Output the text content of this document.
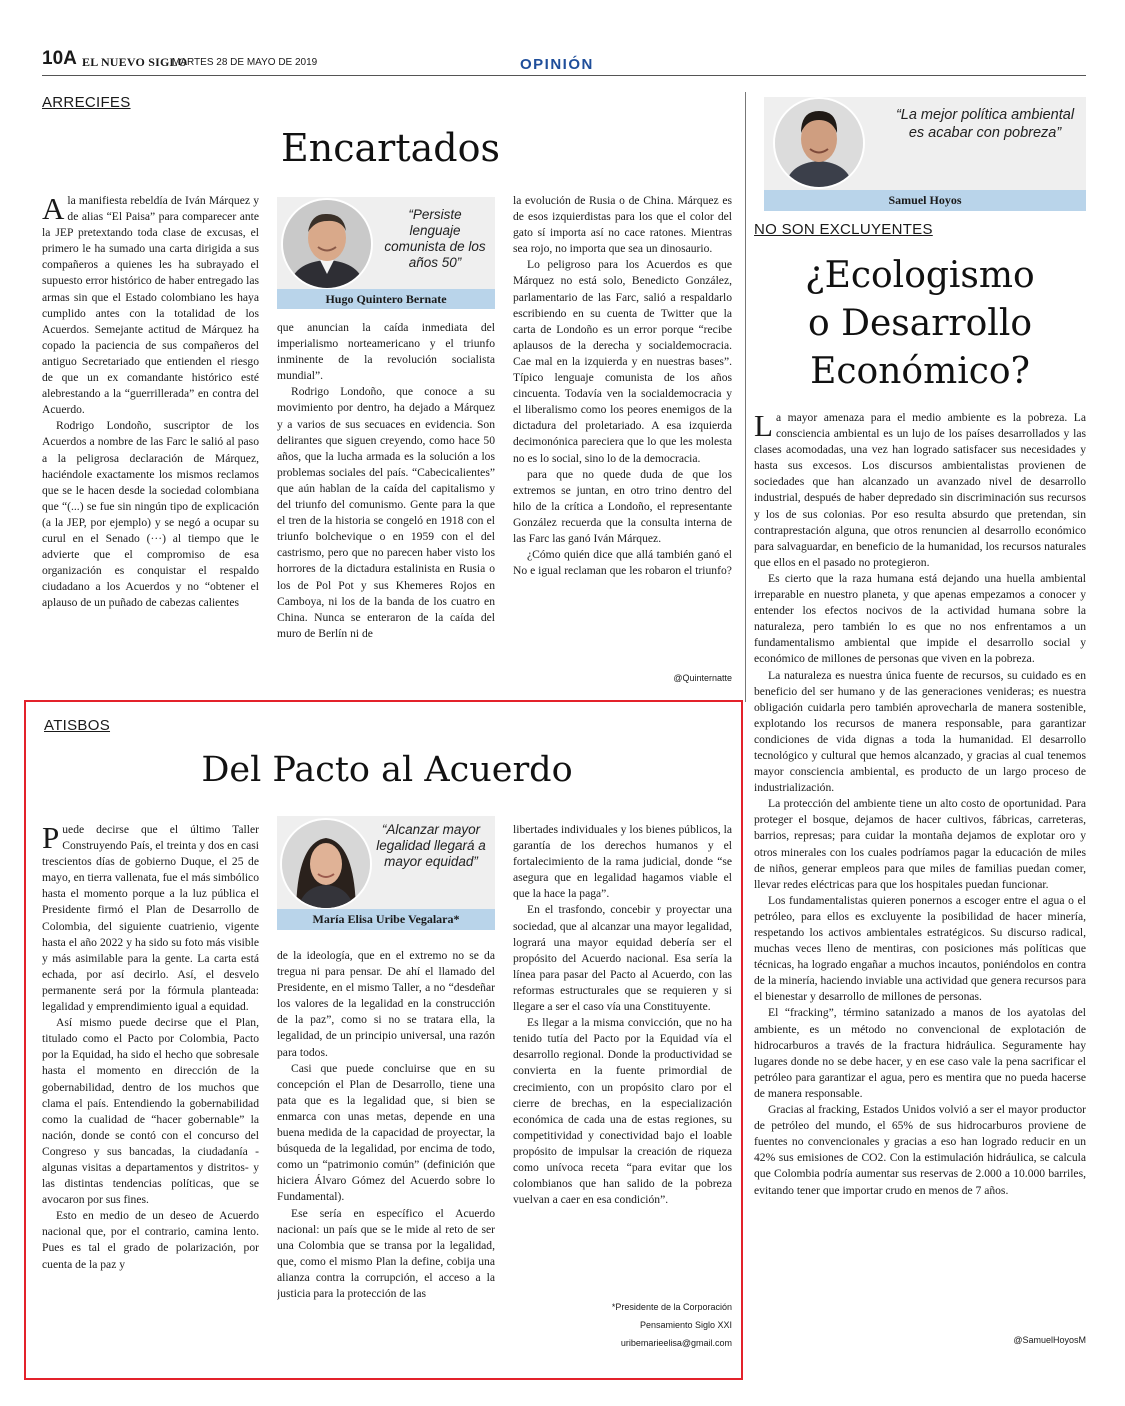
10A EL NUEVO SIGLO
MARTES 28 DE MAYO DE 2019	OPINIÓN
ARRECIFES
Encartados

Ala manifiesta rebeldía de Iván Márquez y de alias “El Paisa” para comparecer ante la JEP pretextando toda clase de excusas, el primero le ha sumado una carta dirigida a sus compañeros a quienes les ha subrayado el supuesto error histórico de haber entregado las armas sin que el Estado colombiano les haya cumplido antes con la totalidad de los Acuerdos. Semejante actitud de Márquez ha copado la paciencia de sus compañeros del antiguo Secretariado que entienden el riesgo de que un ex comandante histórico esté alebrestando a la “guerrillerada” en contra del Acuerdo.

Rodrigo Londoño, suscriptor de los Acuerdos a nombre de las Farc le salió al paso a la peligrosa declaración de Márquez, haciéndole exactamente los mismos reclamos que se le hacen desde la sociedad colombiana que “(...) se fue sin ningún tipo de explicación (a la JEP, por ejemplo) y se negó a ocupar su curul en el Senado (···) al tiempo que le advierte que el compromiso de esa organización es conquistar el respaldo ciudadano a los Acuerdos y no “obtener el aplauso de un puñado de cabezas calientes

“Persiste lenguaje comunista de los años 50”
Hugo Quintero Bernate

que anuncian la caída inmediata del imperialismo norteamericano y el triunfo inminente de la revolución socialista mundial”.

Rodrigo Londoño, que conoce a su movimiento por dentro, ha dejado a Márquez y a varios de sus secuaces en evidencia. Son delirantes que siguen creyendo, como hace 50 años, que la lucha armada es la solución a los problemas sociales del país. “Cabecicalientes” que aún hablan de la caída del capitalismo y del triunfo del comunismo. Gente para la que el tren de la historia se congeló en 1918 con el triunfo bolchevique o en 1959 con el del castrismo, pero que no parecen haber visto los horrores de la dictadura estalinista en Rusia o los de Pol Pot y sus Khemeres Rojos en Camboya, ni los de la banda de los cuatro en China. Nunca se enteraron de la caída del muro de Berlín ni de

la evolución de Rusia o de China. Márquez es de esos izquierdistas para los que el color del gato sí importa así no cace ratones. Mientras sea rojo, no importa que sea un dinosaurio.

Lo peligroso para los Acuerdos es que Márquez no está solo, Benedicto González, parlamentario de las Farc, salió a respaldarlo escribiendo en su cuenta de Twitter que la carta de Londoño es un error porque “recibe aplausos de la derecha y socialdemocracia. Cae mal en la izquierda y en nuestras bases”. Típico lenguaje comunista de los años cincuenta. Todavía ven la socialdemocracia y el liberalismo como los peores enemigos de la dictadura del proletariado. A esa izquierda decimonónica pareciera que lo que les molesta no es lo social, sino lo de la democracia.

para que no quede duda de que los extremos se juntan, en otro trino dentro del hilo de la crítica a Londoño, el representante González recuerda que la consulta interna de las Farc las ganó Iván Márquez.

¿Cómo quién dice que allá también ganó el No e igual reclaman que les robaron el triunfo?

@Quinternatte
“La mejor política ambiental es acabar con pobreza”
Samuel Hoyos
NO SON EXCLUYENTES
¿Ecologismo
o Desarrollo
Económico?

La mayor amenaza para el medio ambiente es la pobreza. La consciencia ambiental es un lujo de los países desarrollados y las clases acomodadas, una vez han logrado satisfacer sus necesidades y hasta sus excesos. Los discursos ambientalistas provienen de sociedades que han alcanzado un avanzado nivel de desarrollo industrial, después de haber depredado sin discriminación sus recursos y los de sus colonias. Por eso resulta absurdo que pretendan, sin contraprestación alguna, que otros renuncien al desarrollo económico para salvaguardar, en beneficio de la humanidad, los recursos naturales que ellos en el pasado no protegieron.

Es cierto que la raza humana está dejando una huella ambiental irreparable en nuestro planeta, y que apenas empezamos a conocer y entender los efectos nocivos de la actividad humana sobre la naturaleza, pero también lo es que no nos enfrentamos a un fundamentalismo ambiental que impide el desarrollo social y económico de millones de personas que viven en la pobreza.

La naturaleza es nuestra única fuente de recursos, su cuidado es en beneficio del ser humano y de las generaciones venideras; es nuestra obligación cuidarla pero también aprovecharla de manera sostenible, explotando los recursos de manera responsable, para garantizar condiciones de vida dignas a toda la humanidad. El desarrollo tecnológico y cultural que hemos alcanzado, y gracias al cual tenemos mayor consciencia ambiental, es producto de un largo proceso de industrialización.

La protección del ambiente tiene un alto costo de oportunidad. Para proteger el bosque, dejamos de hacer cultivos, fábricas, carreteras, barrios, represas; para cuidar la montaña dejamos de explotar oro y otros minerales con los cuales podríamos pagar la educación de miles de niños, generar empleos para que miles de familias puedan comer, llevar redes eléctricas para que los hospitales puedan funcionar.

Los fundamentalistas quieren ponernos a escoger entre el agua o el petróleo, para ellos es excluyente la posibilidad de hacer minería, respetando los activos ambientales estratégicos. Su discurso radical, muchas veces lleno de mentiras, con posiciones más políticas que técnicas, ha logrado engañar a muchos incautos, poniéndolos en contra de la minería, haciendo inviable una actividad que genera recursos para el bienestar y desarrollo de millones de personas.

El “fracking”, término satanizado a manos de los ayatolas del ambiente, es un método no convencional de explotación de hidrocarburos a través de la fractura hidráulica. Seguramente hay lugares donde no se debe hacer, y en ese caso vale la pena sacrificar el petróleo para garantizar el agua, pero es mentira que no pueda hacerse de manera responsable.

Gracias al fracking, Estados Unidos volvió a ser el mayor productor de petróleo del mundo, el 65% de sus hidrocarburos proviene de fuentes no convencionales y gracias a eso han logrado reducir en un 42% sus emisiones de CO2. Con la estimulación hidráulica, se calcula que Colombia podría aumentar sus reservas de 2.000 a 10.000 barriles, evitando tener que importar crudo en menos de 7 años.

@SamuelHoyosM
ATISBOS
Del Pacto al Acuerdo

Puede decirse que el último Taller Construyendo País, el treinta y dos en casi trescientos días de gobierno Duque, el 25 de mayo, en tierra vallenata, fue el más simbólico hasta el momento porque a la luz pública el Presidente firmó el Plan de Desarrollo de Colombia, del siguiente cuatrienio, vigente hasta el año 2022 y ha sido su foto más visible y más asimilable para la gente. La carta está echada, por así decirlo. Así, el desvelo permanente será por la fórmula planteada: legalidad y emprendimiento igual a equidad.

Así mismo puede decirse que el Plan, titulado como el Pacto por Colombia, Pacto por la Equidad, ha sido el hecho que sobresale hasta el momento en dirección de la gobernabilidad, dentro de los muchos que clama el país. Entendiendo la gobernabilidad como la cualidad de “hacer gobernable” la nación, donde se contó con el concurso del Congreso y sus bancadas, la ciudadanía -algunas visitas a departamentos y distritos- y las distintas tendencias políticas, que se avocaron por sus fines.

Esto en medio de un deseo de Acuerdo nacional que, por el contrario, camina lento. Pues es tal el grado de polarización, por cuenta de la paz y

“Alcanzar mayor legalidad llegará a mayor equidad”
María Elisa Uribe Vegalara*

de la ideología, que en el extremo no se da tregua ni para pensar. De ahí el llamado del Presidente, en el mismo Taller, a no “desdeñar los valores de la legalidad en la construcción de la paz”, como si no se tratara ella, la legalidad, de un principio universal, una razón para todos.

Casi que puede concluirse que en su concepción el Plan de Desarrollo, tiene una pata que es la legalidad que, si bien se enmarca con unas metas, depende en una buena medida de la capacidad de proyectar, la búsqueda de la legalidad, por encima de todo, como un “patrimonio común” (definición que hiciera Álvaro Gómez del Acuerdo sobre lo Fundamental).

Ese sería en específico el Acuerdo nacional: un país que se le mide al reto de ser una Colombia que se transa por la legalidad, que, como el mismo Plan la define, cobija una alianza contra la corrupción, el acceso a la justicia para la protección de las

libertades individuales y los bienes públicos, la garantía de los derechos humanos y el fortalecimiento de la rama judicial, donde “se asegura que en legalidad hagamos viable el que la hace la paga”.

En el trasfondo, concebir y proyectar una sociedad, que al alcanzar una mayor legalidad, logrará una mayor equidad debería ser el propósito del Acuerdo nacional. Esa sería la línea para pasar del Pacto al Acuerdo, con las reformas estructurales que se requieren y si llegare a ser el caso vía una Constituyente.

Es llegar a la misma convicción, que no ha tenido tutía del Pacto por la Equidad vía el desarrollo regional. Donde la productividad se convierta en la fuente primordial de crecimiento, con un propósito claro por el cierre de brechas, en la especialización económica de cada una de estas regiones, su competitividad y conectividad bajo el loable propósito de impulsar la creación de riqueza como unívoca receta “para evitar que los colombianos que han salido de la pobreza vuelvan a caer en esa condición”.

*Presidente de la Corporación
Pensamiento Siglo XXI
uribemarieelisa@gmail.com
